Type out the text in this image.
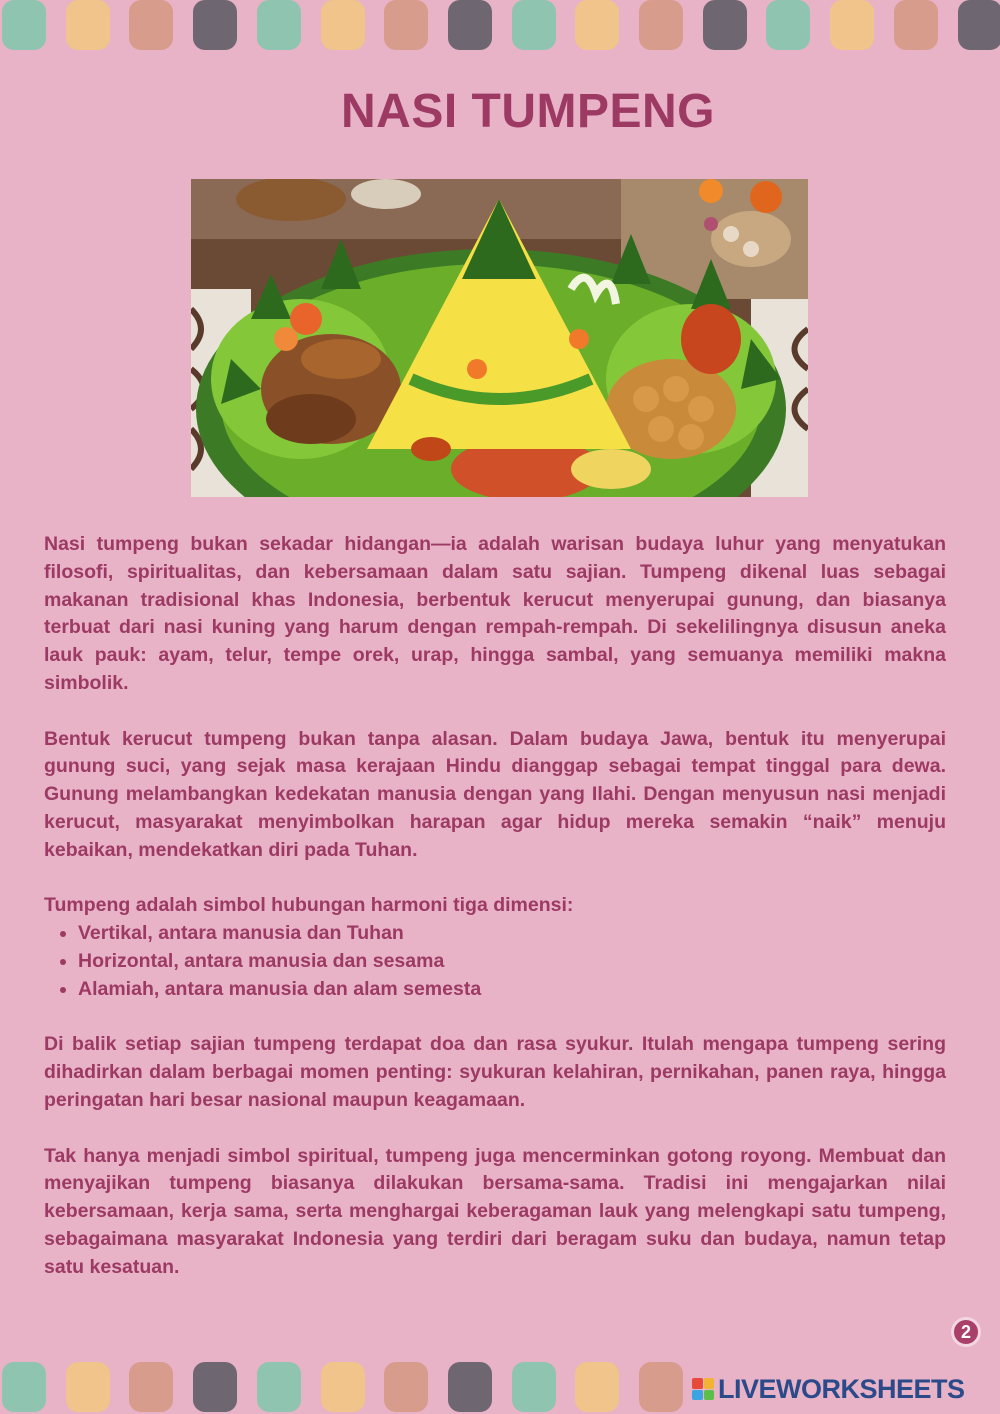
NASI TUMPENG

Nasi tumpeng bukan sekadar hidangan—ia adalah warisan budaya luhur yang menyatukan filosofi, spiritualitas, dan kebersamaan dalam satu sajian. Tumpeng dikenal luas sebagai makanan tradisional khas Indonesia, berbentuk kerucut menyerupai gunung, dan biasanya terbuat dari nasi kuning yang harum dengan rempah-rempah. Di sekelilingnya disusun aneka lauk pauk: ayam, telur, tempe orek, urap, hingga sambal, yang semuanya memiliki makna simbolik.

Bentuk kerucut tumpeng bukan tanpa alasan. Dalam budaya Jawa, bentuk itu menyerupai gunung suci, yang sejak masa kerajaan Hindu dianggap sebagai tempat tinggal para dewa. Gunung melambangkan kedekatan manusia dengan yang Ilahi. Dengan menyusun nasi menjadi kerucut, masyarakat menyimbolkan harapan agar hidup mereka semakin “naik” menuju kebaikan, mendekatkan diri pada Tuhan.

Tumpeng adalah simbol hubungan harmoni tiga dimensi:
• Vertikal, antara manusia dan Tuhan
• Horizontal, antara manusia dan sesama
• Alamiah, antara manusia dan alam semesta

Di balik setiap sajian tumpeng terdapat doa dan rasa syukur. Itulah mengapa tumpeng sering dihadirkan dalam berbagai momen penting: syukuran kelahiran, pernikahan, panen raya, hingga peringatan hari besar nasional maupun keagamaan.

Tak hanya menjadi simbol spiritual, tumpeng juga mencerminkan gotong royong. Membuat dan menyajikan tumpeng biasanya dilakukan bersama-sama. Tradisi ini mengajarkan nilai kebersamaan, kerja sama, serta menghargai keberagaman lauk yang melengkapi satu tumpeng, sebagaimana masyarakat Indonesia yang terdiri dari beragam suku dan budaya, namun tetap satu kesatuan.

2
LIVEWORKSHEETS
